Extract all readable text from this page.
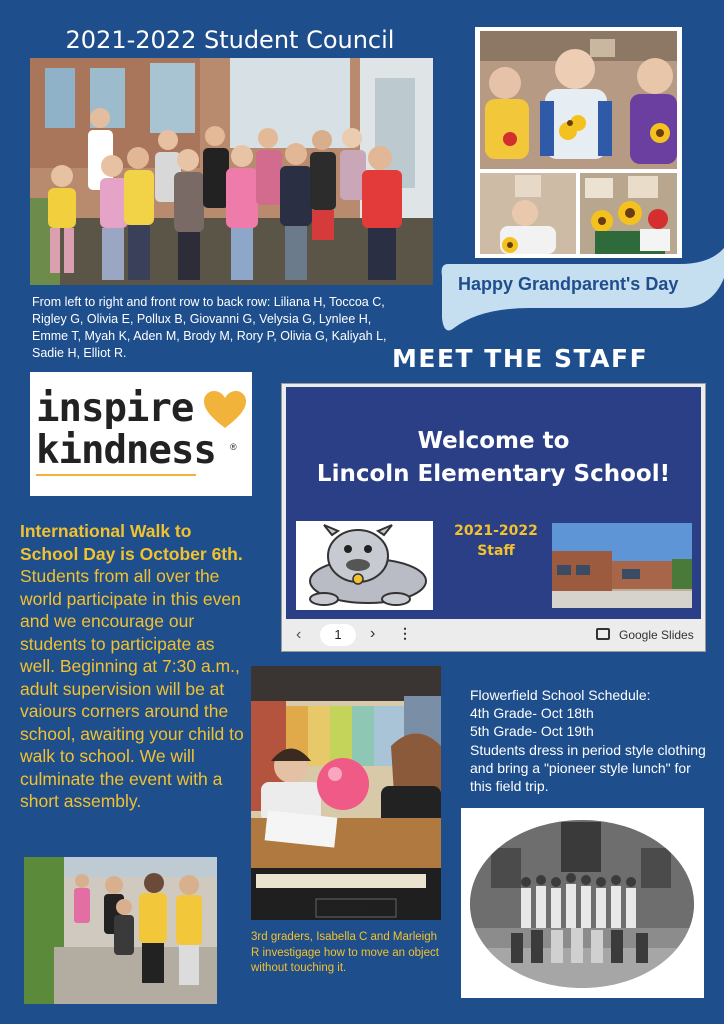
2021-2022 Student Council
From left to right and front row to back row: Liliana H, Toccoa C, Rigley G, Olivia E, Pollux B, Giovanni G, Velysia G, Lynlee H, Emme T, Myah K, Aden M, Brody M, Rory P, Olivia G, Kaliyah L, Sadie H, Elliot R.
Happy Grandparent's Day
MEET THE STAFF
inspire
kindness ®	Welcome to
Lincoln Elementary School!
2021-2022
Staff
‹	1	› ⋮	Google Slides
International Walk to School Day is October 6th. Students from all over the world participate in this even and we encourage our students to participate as well. Beginning at 7:30 a.m., adult supervision will be at vaiours corners around the school, awaiting your child to walk to school. We will culminate the event with a short assembly.
Santiago
3rd graders, Isabella C and Marleigh R investigage how to move an object without touching it.
Flowerfield School Schedule:
4th Grade- Oct 18th
5th Grade- Oct 19th
Students dress in period style clothing and bring a "pioneer style lunch" for this field trip.
